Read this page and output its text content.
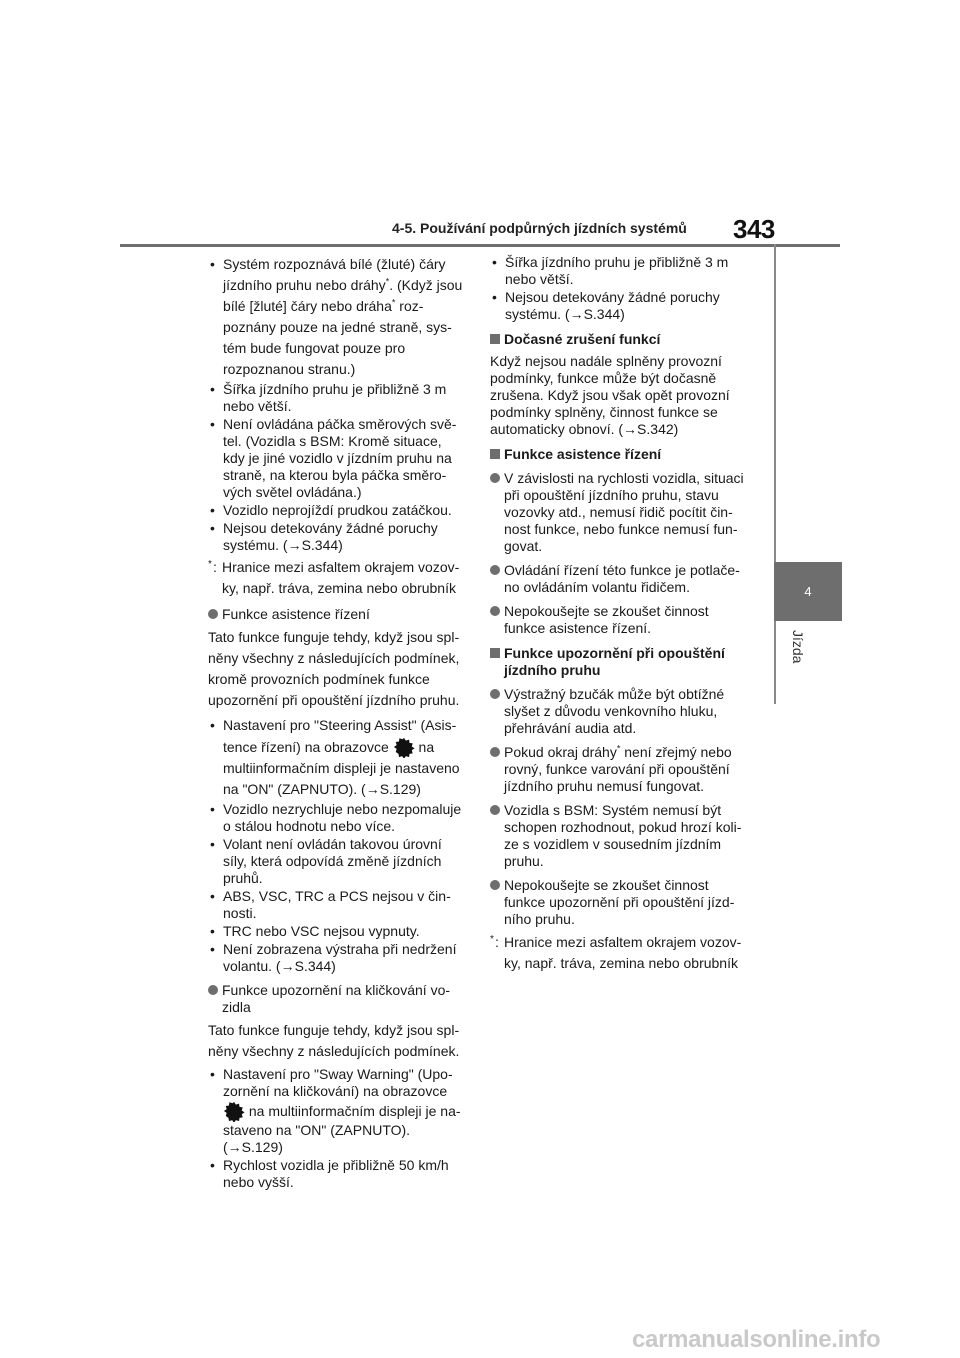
4-5. Používání podpůrných jízdních systémů 343
4
Jízda
• Systém rozpoznává bílé (žluté) čáry jízdního pruhu nebo dráhy*. (Když jsou bílé [žluté] čáry nebo dráha* rozpoznány pouze na jedné straně, systém bude fungovat pouze pro rozpoznanou stranu.)
• Šířka jízdního pruhu je přibližně 3 m nebo větší.
• Není ovládána páčka směrových světel. (Vozidla s BSM: Kromě situace, kdy je jiné vozidlo v jízdním pruhu na straně, na kterou byla páčka směrových světel ovládána.)
• Vozidlo neprojíždí prudkou zatáčkou.
• Nejsou detekovány žádné poruchy systému. (→S.344)
* : Hranice mezi asfaltem okrajem vozovky, např. tráva, zemina nebo obrubník
Funkce asistence řízení
Tato funkce funguje tehdy, když jsou splněny všechny z následujících podmínek, kromě provozních podmínek funkce upozornění při opouštění jízdního pruhu.
• Nastavení pro "Steering Assist" (Asistence řízení) na obrazovce  na multiinformačním displeji je nastaveno na "ON" (ZAPNUTO). (→S.129)
• Vozidlo nezrychluje nebo nezpomaluje o stálou hodnotu nebo více.
• Volant není ovládán takovou úrovní síly, která odpovídá změně jízdních pruhů.
• ABS, VSC, TRC a PCS nejsou v činnosti.
• TRC nebo VSC nejsou vypnuty.
• Není zobrazena výstraha při nedržení volantu. (→S.344)
Funkce upozornění na kličkování vozidla
Tato funkce funguje tehdy, když jsou splněny všechny z následujících podmínek.
• Nastavení pro "Sway Warning" (Upozornění na kličkování) na obrazovce
na multiinformačním displeji je nastaveno na "ON" (ZAPNUTO). (→S.129)
• Rychlost vozidla je přibližně 50 km/h nebo vyšší.
• Šířka jízdního pruhu je přibližně 3 m nebo větší.
• Nejsou detekovány žádné poruchy systému. (→S.344)
Dočasné zrušení funkcí
Když nejsou nadále splněny provozní podmínky, funkce může být dočasně zrušena. Když jsou však opět provozní podmínky splněny, činnost funkce se automaticky obnoví. (→S.342)
Funkce asistence řízení
V závislosti na rychlosti vozidla, situaci při opouštění jízdního pruhu, stavu vozovky atd., nemusí řidič pocítit činnost funkce, nebo funkce nemusí fungovat.
Ovládání řízení této funkce je potlačeno ovládáním volantu řidičem.
Nepokoušejte se zkoušet činnost funkce asistence řízení.
Funkce upozornění při opouštění jízdního pruhu
Výstražný bzučák může být obtížné slyšet z důvodu venkovního hluku, přehrávání audia atd.
Pokud okraj dráhy* není zřejmý nebo rovný, funkce varování při opouštění jízdního pruhu nemusí fungovat.
Vozidla s BSM: Systém nemusí být schopen rozhodnout, pokud hrozí kolize s vozidlem v sousedním jízdním pruhu.
Nepokoušejte se zkoušet činnost funkce upozornění při opouštění jízdního pruhu.
* : Hranice mezi asfaltem okrajem vozovky, např. tráva, zemina nebo obrubník
carmanualsonline.info
